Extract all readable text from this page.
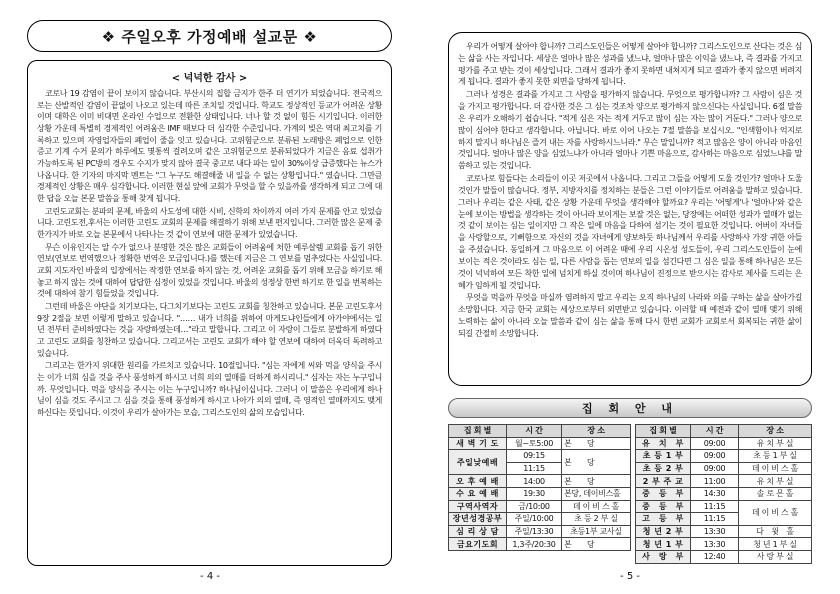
❖ 주일오후 가정예배 설교문 ❖
< 넉넉한 감사 >

코로나 19 감염이 끝이 보이지 않습니다. 부산시의 집합 금지가 한주 더 연기가 되었습니다. 전국적으로는 산발적인 감염이 끝없이 나오고 있는데 따른 조치일 것입니다. 학교도 정상적인 등교가 어려운 상황이며 대학은 이미 비대면 온라인 수업으로 전환한 상태입니다. 너나 할 것 없이 힘든 시기입니다. 이러한 상황 가운데 특별히 경제적인 어려움은 IMF 때보다 더 심각한 수준입니다. 가계의 빚은 역대 최고치를 기록하고 있으며 자영업자들의 폐업이 줄을 잇고 있습니다. 고위험군으로 분류된 노래방은 폐업으로 인한 증고 기계 수거 문의가 하루에도 몇통씩 걸려오며 같은 고위험군으로 분류되었다가 지금은 음료 섭취가 가능하도록 된 PC방의 경우도 수지가 맞지 않아 결국 중고로 내다 파는 일이 30%이상 급증했다는 뉴스가 나옵니다. 한 기자의 마지막 멘트는 "그 누구도 해결해줄 내 일을 수 없는 상황입니다." 였습니다. 그만큼 경제적인 상황은 매우 심각합니다. 이러한 현실 앞에 교회가 무엇을 할 수 있을까를 생각하게 되고 그에 대한 답을 오늘 본문 말씀을 통해 찾게 됩니다.

고린도교회는 분파의 문제, 바울의 사도성에 대한 시비, 신학의 차이까지 여러 가지 문제를 안고 있었습니다. 고린도전,후서는 이러한 고린도 교회의 문제를 해결하기 위해 보낸 편지입니다. 그러한 많은 문제 중 한가지가 바로 오늘 본문에서 나타나는 것 같이 연보에 대한 문제가 있었습니다.

무슨 이유인지는 알 수가 없으나 분명한 것은 많은 교회들이 어려움에 처한 예루살렘 교회를 돕기 위한 연보(연보로 번역했으나 정확한 번역은 모금입니다.)를 했는데 지금은 그 연보를 멈추었다는 사실입니다. 교회 지도자인 바울의 입장에서는 작정한 연보를 하지 않는 것, 어려운 교회를 돕기 위해 모금을 하기로 해 놓고 하지 않는 것에 대하여 답답한 심정이 있었을 것입니다. 바울의 성정상 한번 하기로 한 일을 번복하는 것에 대하여 참기 힘들었을 것입니다.

그런데 바울은 야단을 치기보다는, 다그치기보다는 고린도 교회를 칭찬하고 있습니다. 본문 고린도후서 9장 2절을 보면 이렇게 말하고 있습니다. "…… 내가 너희를 위하여 마게도냐인들에게 아가야에서는 일 년 전부터 준비하였다는 것을 자랑하였는데…"라고 말합니다. 그리고 이 자랑이 그들로 분발하게 하였다고 고린도 교회를 칭찬하고 있습니다. 그리고서는 고린도 교회가 해야 할 연보에 대하여 더욱더 독려하고 있습니다.

그리고는 한가지 위대한 원리를 가르치고 있습니다. 10절입니다. "심는 자에게 씨와 먹을 양식을 주시는 이가 너희 심을 것을 주사 풍성하게 하시고 너희 의의 열매를 더하게 하시리니." 심자는 자는 누구입니까. 무엇입니다. 먹을 양식을 주시는 이는 누구입니까? 하나님이십니다. 그러니 이 말씀은 우리에게 하나님이 심을 것도 주시고 그 심을 것을 통해 풍성하게 하시고 나아가 의의 열매, 즉 영적인 열매까지도 맺게 하신다는 뜻입니다. 이것이 우리가 살아가는 모습, 그리스도인의 삶의 모습입니다.

- 4 -

우리가 어떻게 살아야 합니까? 그리스도인들은 어떻게 살아야 합니까? 그리스도인으로 산다는 것은 심는 삶을 사는 자입니다. 세상은 얼마나 많은 성과를 냈느냐, 얼마나 많은 이익을 냈느냐, 즉 결과를 가지고 평가를 주고 받는 것이 세상입니다. 그래서 결과가 좋지 못하면 내쳐지게 되고 결과가 좋지 않으면 버려지게 됩니다. 결과가 좋지 못한 외면을 당하게 됩니다.

그러나 성경은 결과를 가지고 그 사람을 평가하지 않습니다. 무엇으로 평가합니까? 그 사람이 심은 것을 가지고 평가합니다. 더 감사한 것은 그 심는 것조차 양으로 평가하지 않으신다는 사실입니다. 6절 말씀은 우리가 오해하기 쉽습니다. "적게 심은 자는 적게 거두고 많이 심는 자는 많이 거둔다." 그러나 양으로 많이 심어야 한다고 생각합니다. 아닙니다. 바로 이어 나오는 7절 말씀을 보십시오. "인색함이나 억지로 하지 말지니 하나님은 즐겨 내는 자를 사랑하시느니라." 무슨 말입니까? 적고 많음은 양이 아니라 마음인 것입니다. 얼마나 많은 양을 심었느냐가 아니라 얼마나 기쁜 마음으로, 감사하는 마음으로 심었느냐를 말씀하고 있는 것입니다.

코로나로 힘들다는 소리들이 이곳 저곳에서 나옵니다. 그리고 그들을 어떻게 도울 것인가? 얼마나 도울 것인가 말들이 많습니다. 정부, 지방자치를 정치하는 분들은 그런 이야기들로 어려움을 말하고 있습니다. 그러나 우리는 같은 사태, 같은 상황 가운데 무엇을 생각해야 할까요? 우리는 '어떻게'나 '얼마나'와 같은 눈에 보이는 방법을 생각하는 것이 아니라 보이게는 보잘 것은 없는, 당장에는 어떠한 성과가 열매가 없는 것 같이 보이는 심는 일이지만 그 작은 일에 마음을 다하여 섬기는 것이 필요한 것입니다. 어버이 자녀들을 사랑할으로, 기뻐함으로 자신의 것을 자녀에게 양보하듯 하나님께서 우리를 사랑하사 가장 귀한 아들을 주셨습니다. 동일하게 그 마음으로 이 어려운 때에 우리 시온성 성도들이, 우리 그리스도인들이 눈에 보이는 적은 것이라도 심는 일, 다른 사람을 돕는 연보의 일을 섬긴다면 그 심은 일을 통해 하나님은 모든 것이 넉넉하여 모든 착한 일에 넘치게 하실 것이며 하나님이 진정으로 받으시는 감사로 제사를 드리는 은혜가 임하게 될 것입니다.

무엇을 먹을까 무엇을 마실까 염려하지 말고 우리는 오직 하나님의 나라와 의를 구하는 삶을 살아가길 소망합니다. 지금 한국 교회는 세상으로부터 외면받고 있습니다. 이러할 때 예전과 같이 열매 맺기 위해 노력하는 삶이 아니라 오늘 말씀과 같이 심는 삶을 통해 다시 한번 교회가 교회로서 회복되는 귀한 삶이 되길 간절히 소망합니다.

집 회 안 내
집 회 별	시 간	장 소
새 벽 기 도	월~토5:00	본　　당
주일낮예배	09:15	본　　당
	11:15	
오 후 예 배	14:00	본　　당
수 요 예 배	19:30	본당, 데이비스홀
구역사역자	금/10:00	데 이 비 스 홀
장년성경공부	주일/10:00	초 등 2 부 실
심 리 상 담	주일/13:30	초등1부 교사실
금요기도회	1,3주/20:30	본　　당
집 회 별	시 간	장 소
유　치　부	09:00	유 치 부 실
초 등 1 부	09:00	초 등 1 부 실
초 등 2 부	09:00	데 이 비 스 홀
2 부 주 교	11:00	유 치 부 실
중　등　부	14:30	솔 로 몬 홀
중　등　부	11:15	데 이 비 스 홀
고　등　부	11:15	
청 년 2 부	13:30	다　윗　홀
청 년 1 부	13:30	청 년 1 부 실
사　랑　부	12:40	사 랑 부 실
- 5 -
